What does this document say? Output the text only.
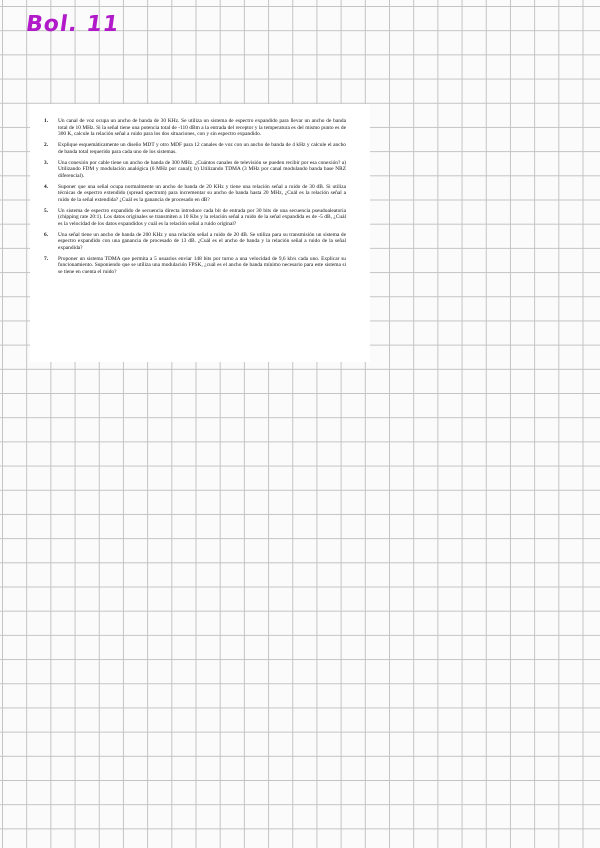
Bol. 11
1.	Un canal de voz ocupa un ancho de banda de 30 KHz. Se utiliza un sistema de espectro expandido para llevar un ancho de banda total de 10 MHz. Si la señal tiene una potencia total de -110 dBm a la entrada del receptor y la temperatura es del mismo punto es de 300 K, calcule la relación señal a ruido para los dos situaciones, con y sin espectro expandido.
2.	Explique esquemáticamente un diseño MDT y otro MDF para 12 canales de voz con un ancho de banda de 4 kHz y calcule el ancho de banda total requerido para cada uno de los sistemas.
3.	Una conexión por cable tiene un ancho de banda de 300 MHz. ¿Cuántos canales de televisión se pueden recibir por esa conexión? a) Utilizando FDM y modulación analógica (6 MHz por canal); b) Utilizando TDMA (3 MHz por canal modulando banda base NRZ diferencial).
4.	Suponer que una señal ocupa normalmente un ancho de banda de 20 KHz y tiene una relación señal a ruido de 30 dB. Si utiliza técnicas de espectro extendido (spread spectrum) para incrementar su ancho de banda hasta 20 MHz, ¿Cuál es la relación señal a ruido de la señal extendida? ¿Cuál es la ganancia de procesado en dB?
5.	Un sistema de espectro expandido de secuencia directa introduce cada bit de entrada por 30 bits de una secuencia pseudoaleatoria (chipping rate 20:1). Los datos originales se transmiten a 10 Kbs y la relación señal a ruido de la señal expandida es de -5 dB, ¿Cuál es la velocidad de los datos expandidos y cuál es la relación señal a ruido original?
6.	Una señal tiene un ancho de banda de 200 KHz y una relación señal a ruido de 20 dB. Se utiliza para su transmisión un sistema de espectro expandido con una ganancia de procesado de 13 dB. ¿Cuál es el ancho de banda y la relación señal a ruido de la señal expandida?
7.	Proponer un sistema TDMA que permita a 5 usuarios enviar 148 bits por turno a una velocidad de 9,6 kb/s cada uno. Explicar su funcionamiento. Suponiendo que se utiliza una modulación FPSK, ¿cuál es el ancho de banda mínimo necesario para este sistema si se tiene en cuenta el ruido?
